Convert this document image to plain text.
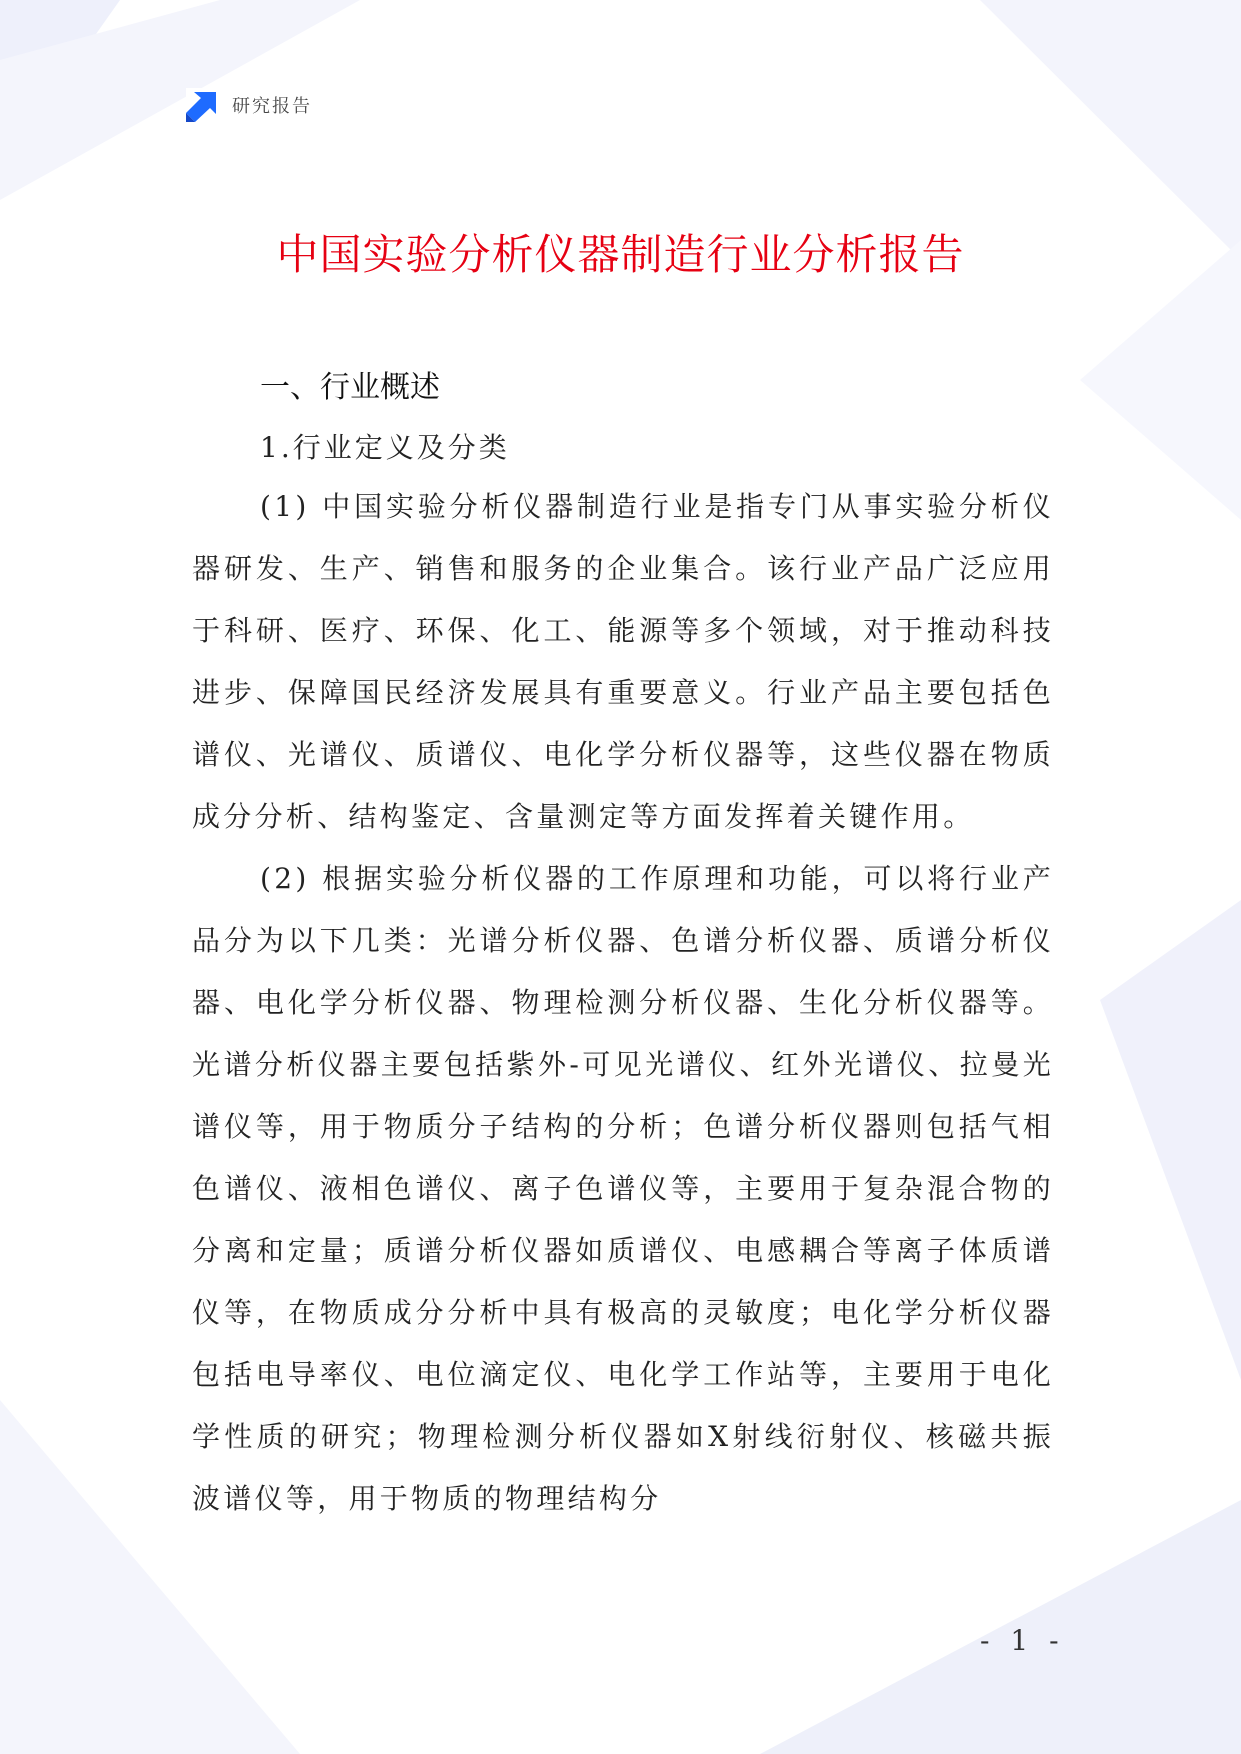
研究报告
中国实验分析仪器制造行业分析报告
一、行业概述
1.行业定义及分类

(1) 中国实验分析仪器制造行业是指专门从事实验分析仪器研发、生产、销售和服务的企业集合。该行业产品广泛应用于科研、医疗、环保、化工、能源等多个领域，对于推动科技进步、保障国民经济发展具有重要意义。行业产品主要包括色谱仪、光谱仪、质谱仪、电化学分析仪器等，这些仪器在物质成分分析、结构鉴定、含量测定等方面发挥着关键作用。

(2) 根据实验分析仪器的工作原理和功能，可以将行业产品分为以下几类：光谱分析仪器、色谱分析仪器、质谱分析仪器、电化学分析仪器、物理检测分析仪器、生化分析仪器等。光谱分析仪器主要包括紫外-可见光谱仪、红外光谱仪、拉曼光谱仪等，用于物质分子结构的分析；色谱分析仪器则包括气相色谱仪、液相色谱仪、离子色谱仪等，主要用于复杂混合物的分离和定量；质谱分析仪器如质谱仪、电感耦合等离子体质谱仪等，在物质成分分析中具有极高的灵敏度；电化学分析仪器包括电导率仪、电位滴定仪、电化学工作站等，主要用于电化学性质的研究；物理检测分析仪器如X射线衍射仪、核磁共振波谱仪等，用于物质的物理结构分

- 1 -
